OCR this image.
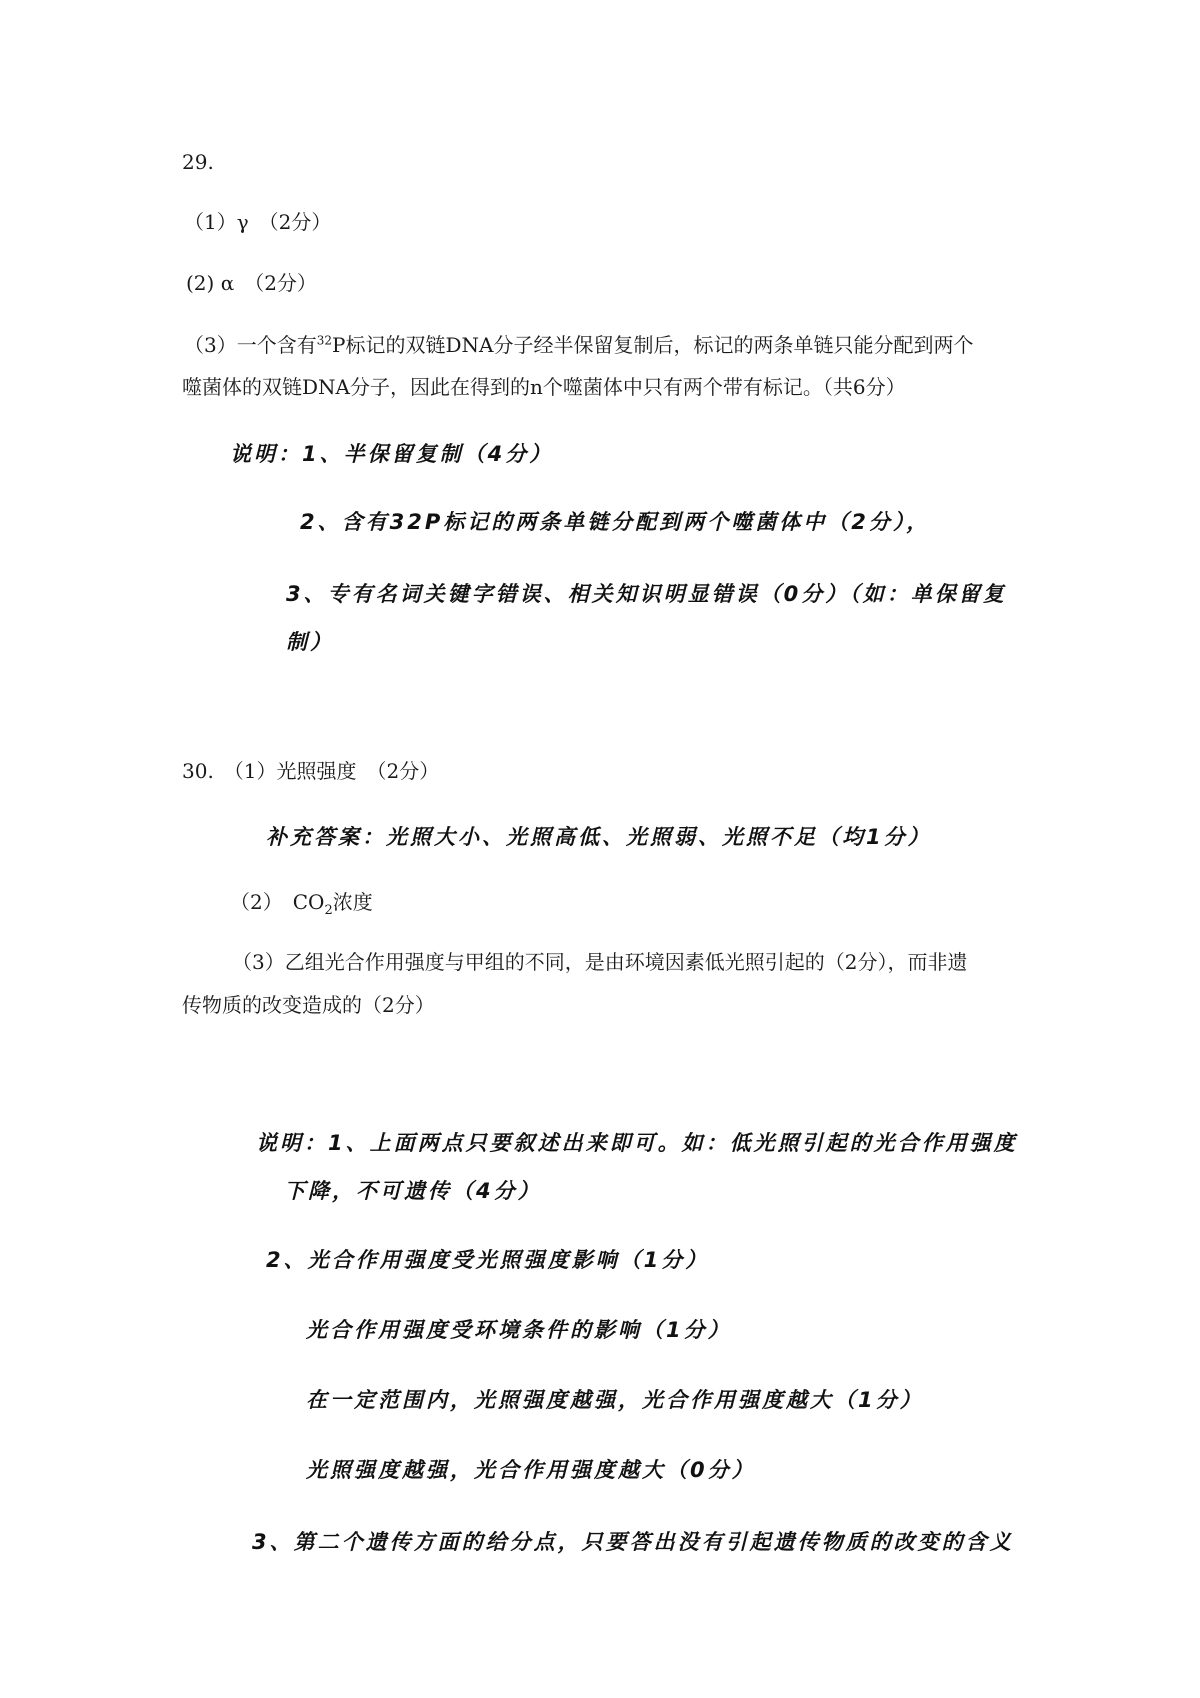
29.
（1）γ　（2分）
(2) α　（2分）
（3）一个含有$^{32}$P标记的双链DNA分子经半保留复制后，标记的两条单链只能分配到两个
噬菌体的双链DNA分子，因此在得到的n个噬菌体中只有两个带有标记。（共6分）
说明：1、半保留复制（4分）
2、含有32P标记的两条单链分配到两个噬菌体中（2分），
3、专有名词关键字错误、相关知识明显错误（0分）（如：单保留复
制）
30.　（1）光照强度　（2分）
补充答案：光照大小、光照高低、光照弱、光照不足（均1分）
（2）　$CO_2$浓度
（3）乙组光合作用强度与甲组的不同，是由环境因素低光照引起的（2分），而非遗
传物质的改变造成的（2分）
说明：1、上面两点只要叙述出来即可。如：低光照引起的光合作用强度
下降，不可遗传（4分）
2、光合作用强度受光照强度影响（1分）
光合作用强度受环境条件的影响（1分）
在一定范围内，光照强度越强，光合作用强度越大（1分）
光照强度越强，光合作用强度越大（0分）
3、第二个遗传方面的给分点，只要答出没有引起遗传物质的改变的含义
